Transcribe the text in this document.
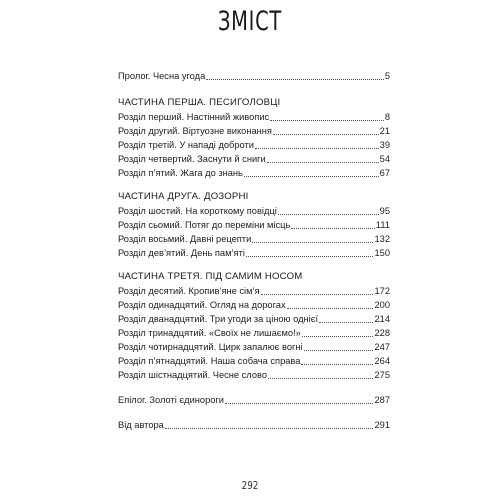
ЗМІСТ
Пролог. Чесна угода	5
ЧАСТИНА ПЕРША. ПЕСИГОЛОВЦІ
Розділ перший. Настінний живопис	8
Розділ другий. Віртуозне виконання	21
Розділ третій. У нападі доброти	39
Розділ четвертий. Заснути й сниги	54
Розділ п’ятий. Жага до знань	67
ЧАСТИНА ДРУГА. ДОЗОРНІ
Розділ шостий. На короткому повідці	95
Розділ сьомий. Потяг до переміни місць	111
Розділ восьмий. Давні рецепти	132
Розділ дев’ятий. День пам’яті	150
ЧАСТИНА ТРЕТЯ. ПІД САМИМ НОСОМ
Розділ десятий. Кропив’яне сім’я	172
Розділ одинадцятий. Огляд на дорогах	200
Розділ дванадцятий. Три угоди за ціною однієї	214
Розділ тринадцятий. «Своїх не лишаємо!»	228
Розділ чотирнадцятий. Цирк запалює вогні	247
Розділ п’ятнадцятий. Наша собача справа	264
Розділ шістнадцятий. Чесне слово	275
Епілог. Золоті єдинороги	287
Від автора	291
292
